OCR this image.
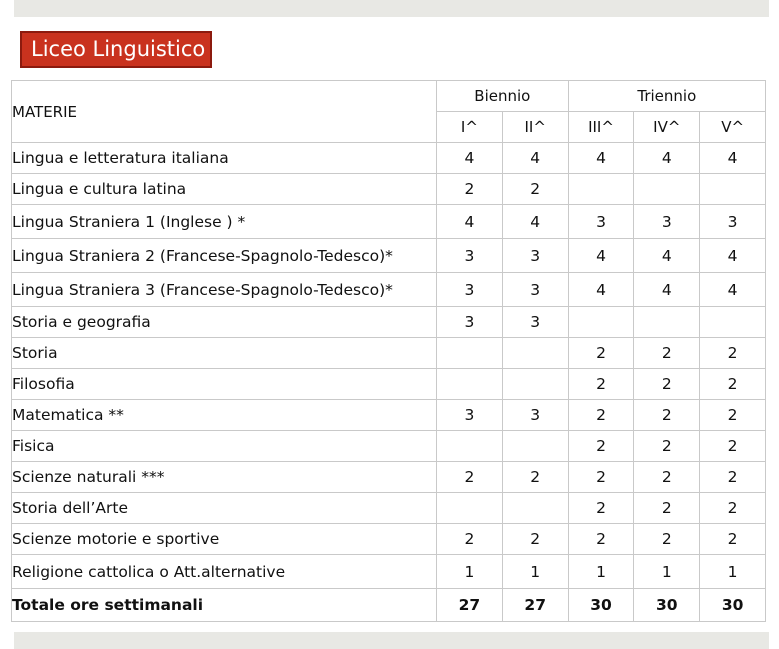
Liceo Linguistico
MATERIE	Biennio		Triennio		
	I^	II^	III^	IV^	V^
Lingua e letteratura italiana	4	4	4	4	4
Lingua e cultura latina	2	2			
Lingua Straniera 1 (Inglese ) *	4	4	3	3	3
Lingua Straniera 2 (Francese-Spagnolo-Tedesco)*	3	3	4	4	4
Lingua Straniera 3 (Francese-Spagnolo-Tedesco)*	3	3	4	4	4
Storia e geografia	3	3			
Storia			2	2	2
Filosofia			2	2	2
Matematica **	3	3	2	2	2
Fisica			2	2	2
Scienze naturali ***	2	2	2	2	2
Storia dell’Arte			2	2	2
Scienze motorie e sportive	2	2	2	2	2
Religione cattolica o Att.alternative	1	1	1	1	1
Totale ore settimanali	27	27	30	30	30
